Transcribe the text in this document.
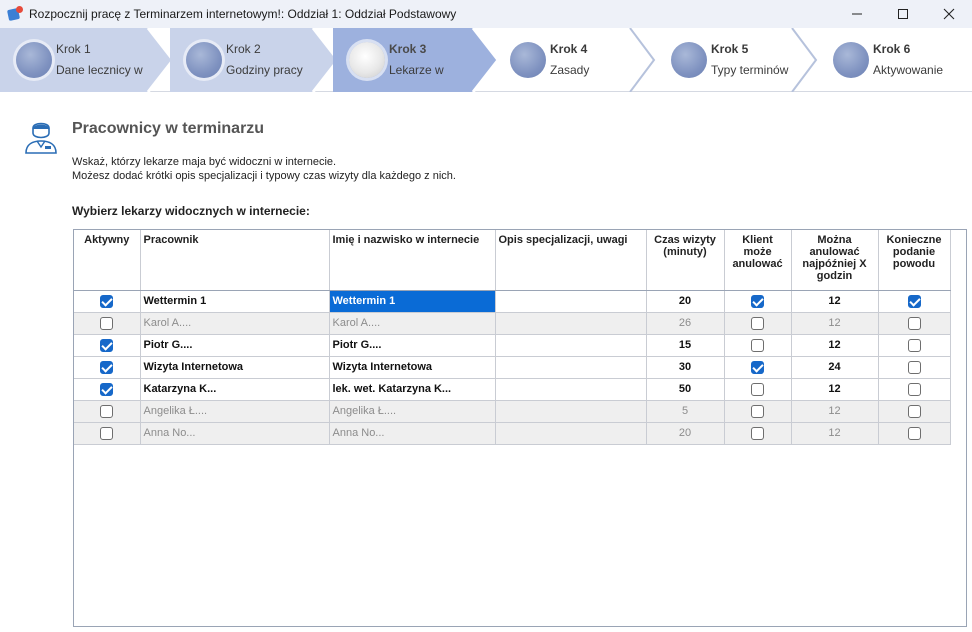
Rozpocznij pracę z Terminarzem internetowym!: Oddział 1: Oddział Podstawowy
Krok 1
Dane lecznicy w
Krok 2
Godziny pracy
Krok 3
Lekarze w
Krok 4
Zasady
Krok 5
Typy terminów
Krok 6
Aktywowanie
Pracownicy w terminarzu
Wskaż, którzy lekarze maja być widoczni w internecie.
Możesz dodać krótki opis specjalizacji i typowy czas wizyty dla każdego z nich.
Wybierz lekarzy widocznych w internecie:
Aktywny	Pracownik	Imię i nazwisko w internecie	Opis specjalizacji, uwagi	Czas wizyty (minuty)	Klient może anulować	Można anulować najpóźniej X godzin	Konieczne podanie powodu
	Wettermin 1	Wettermin 1		20		12	
	Karol A....	Karol A....		26		12	
	Piotr G....	Piotr G....		15		12	
	Wizyta Internetowa	Wizyta Internetowa		30		24	
	Katarzyna K...	lek. wet. Katarzyna K...		50		12	
	Angelika Ł....	Angelika Ł....		5		12	
	Anna No...	Anna No...		20		12	
